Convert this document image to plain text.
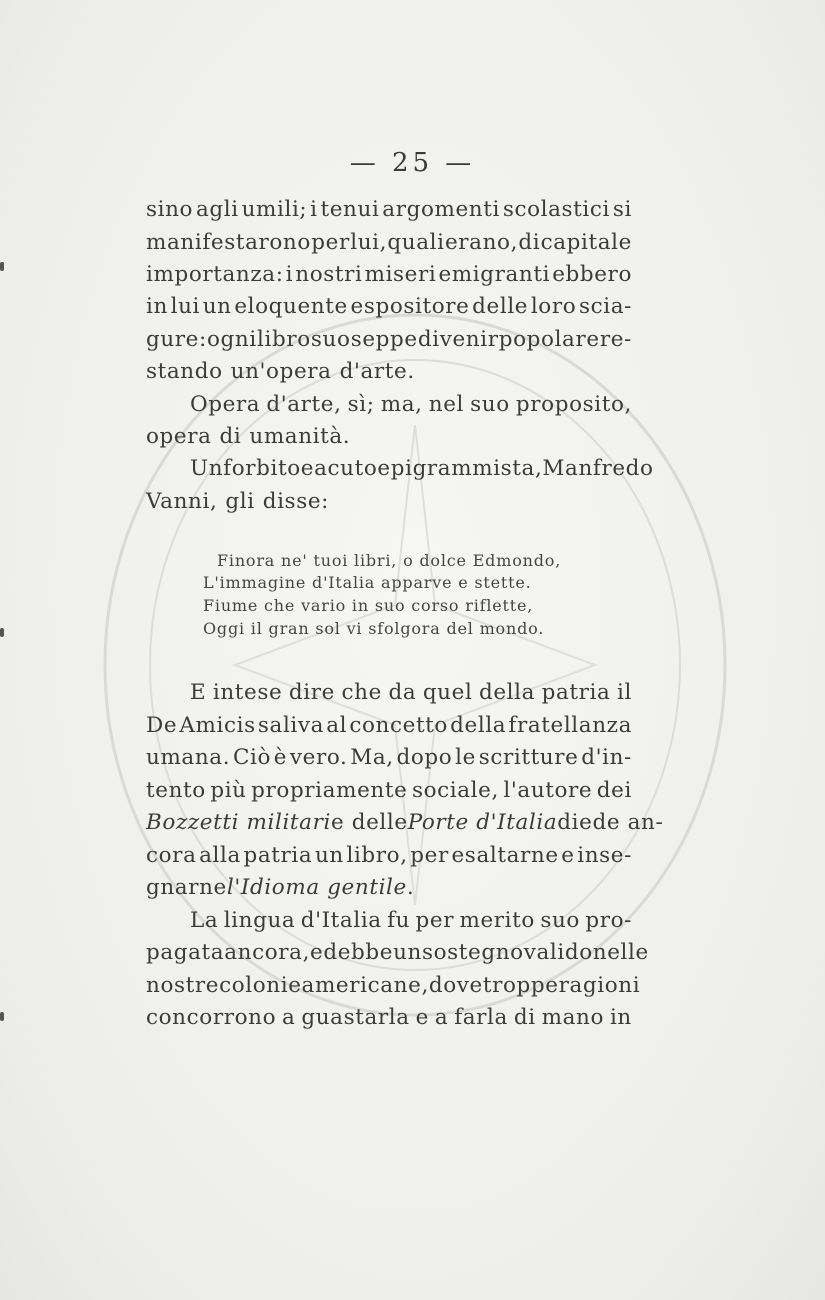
— 25 —

sino agli umili; i tenui argomenti scolastici si

manifestarono per lui, quali erano, di capitale

importanza: i nostri miseri emigranti ebbero

in lui un eloquente espositore delle loro scia-

gure: ogni libro suo seppe divenir popolare re-

stando un'opera d'arte.

Opera d'arte, sì; ma, nel suo proposito,

opera di umanità.

Un forbito e acuto epigrammista, Manfredo

Vanni, gli disse:

Finora ne' tuoi libri, o dolce Edmondo,

L'immagine d'Italia apparve e stette.

Fiume che vario in suo corso riflette,

Oggi il gran sol vi sfolgora del mondo.

E intese dire che da quel della patria il

De Amicis saliva al concetto della fratellanza

umana. Ciò è vero. Ma, dopo le scritture d'in-

tento più propriamente sociale, l'autore dei

Bozzetti militari e delle Porte d'Italia diede an-

cora alla patria un libro, per esaltarne e inse-

gnarne l'Idioma gentile .

La lingua d'Italia fu per merito suo pro-

pagata ancora, ed ebbe un sostegno valido nelle

nostre colonie americane, dove troppe ragioni

concorrono a guastarla e a farla di mano in
